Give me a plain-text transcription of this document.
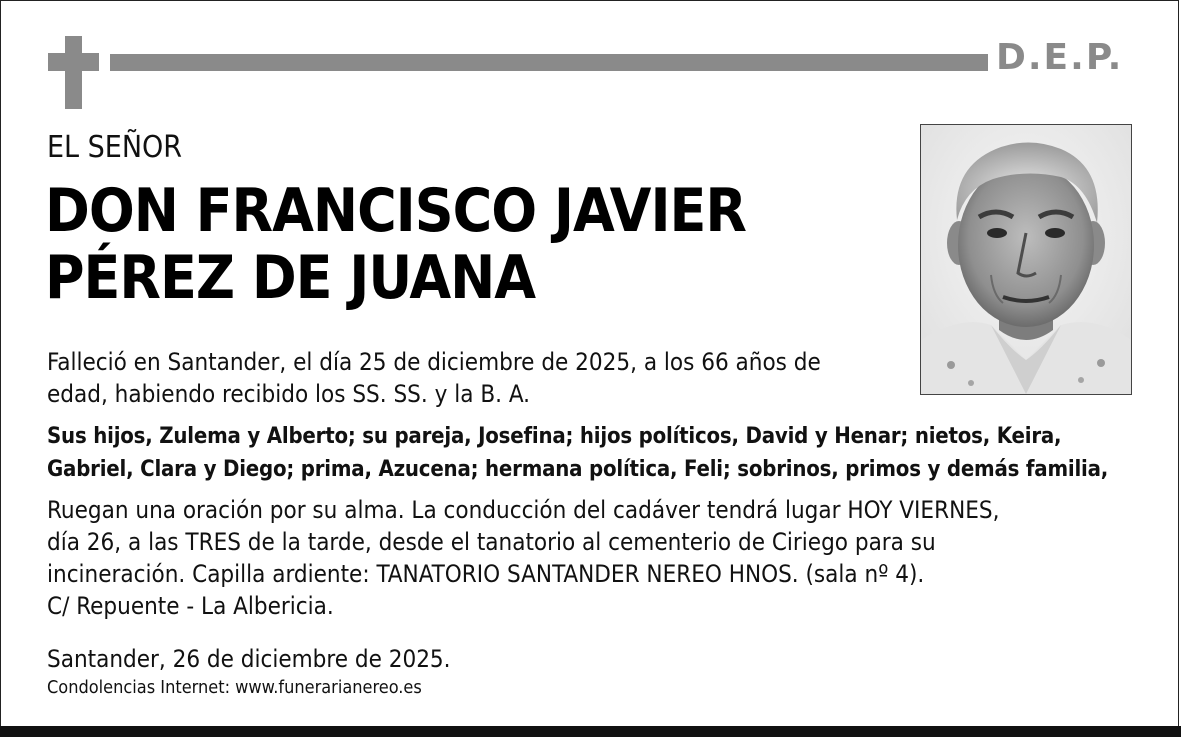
D.E.P.
EL SEÑOR
DON FRANCISCO JAVIER
PÉREZ DE JUANA
Falleció en Santander, el día 25 de diciembre de 2025, a los 66 años de
edad, habiendo recibido los SS. SS. y la B. A.
Sus hijos, Zulema y Alberto; su pareja, Josefina; hijos políticos, David y Henar; nietos, Keira,
Gabriel, Clara y Diego; prima, Azucena; hermana política, Feli; sobrinos, primos y demás familia,
Ruegan una oración por su alma. La conducción del cadáver tendrá lugar HOY VIERNES,
día 26, a las TRES de la tarde, desde el tanatorio al cementerio de Ciriego para su
incineración. Capilla ardiente: TANATORIO SANTANDER NEREO HNOS. (sala nº 4).
C/ Repuente - La Albericia.
Santander, 26 de diciembre de 2025.
Condolencias Internet: www.funerarianereo.es
